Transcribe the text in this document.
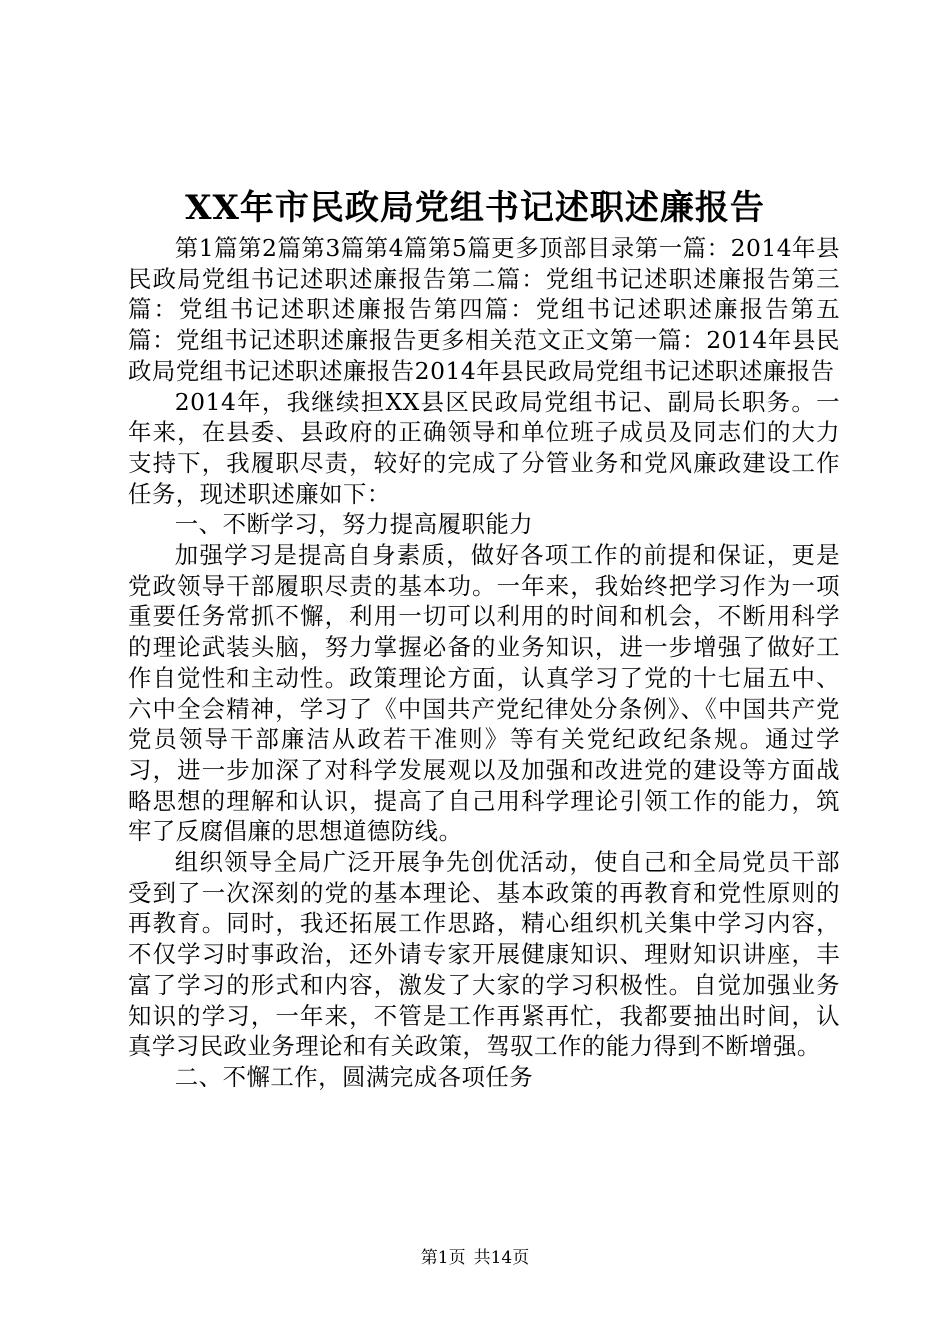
XX年市民政局党组书记述职述廉报告

第1篇第2篇第3篇第4篇第5篇更多顶部目录第一篇：2014年县民政局党组书记述职述廉报告第二篇：党组书记述职述廉报告第三篇：党组书记述职述廉报告第四篇：党组书记述职述廉报告第五篇：党组书记述职述廉报告更多相关范文正文第一篇：2014年县民政局党组书记述职述廉报告2014年县民政局党组书记述职述廉报告

2014年，我继续担XX县区民政局党组书记、副局长职务。一年来，在县委、县政府的正确领导和单位班子成员及同志们的大力支持下，我履职尽责，较好的完成了分管业务和党风廉政建设工作任务，现述职述廉如下：

一、不断学习，努力提高履职能力

加强学习是提高自身素质，做好各项工作的前提和保证，更是党政领导干部履职尽责的基本功。一年来，我始终把学习作为一项重要任务常抓不懈，利用一切可以利用的时间和机会，不断用科学的理论武装头脑，努力掌握必备的业务知识，进一步增强了做好工作自觉性和主动性。政策理论方面，认真学习了党的十七届五中、六中全会精神，学习了《中国共产党纪律处分条例》、《中国共产党党员领导干部廉洁从政若干准则》等有关党纪政纪条规。通过学习，进一步加深了对科学发展观以及加强和改进党的建设等方面战略思想的理解和认识，提高了自己用科学理论引领工作的能力，筑牢了反腐倡廉的思想道德防线。

组织领导全局广泛开展争先创优活动，使自己和全局党员干部受到了一次深刻的党的基本理论、基本政策的再教育和党性原则的再教育。同时，我还拓展工作思路，精心组织机关集中学习内容，不仅学习时事政治，还外请专家开展健康知识、理财知识讲座，丰富了学习的形式和内容，激发了大家的学习积极性。自觉加强业务知识的学习，一年来，不管是工作再紧再忙，我都要抽出时间，认真学习民政业务理论和有关政策，驾驭工作的能力得到不断增强。

二、不懈工作，圆满完成各项任务

第1页 共14页
